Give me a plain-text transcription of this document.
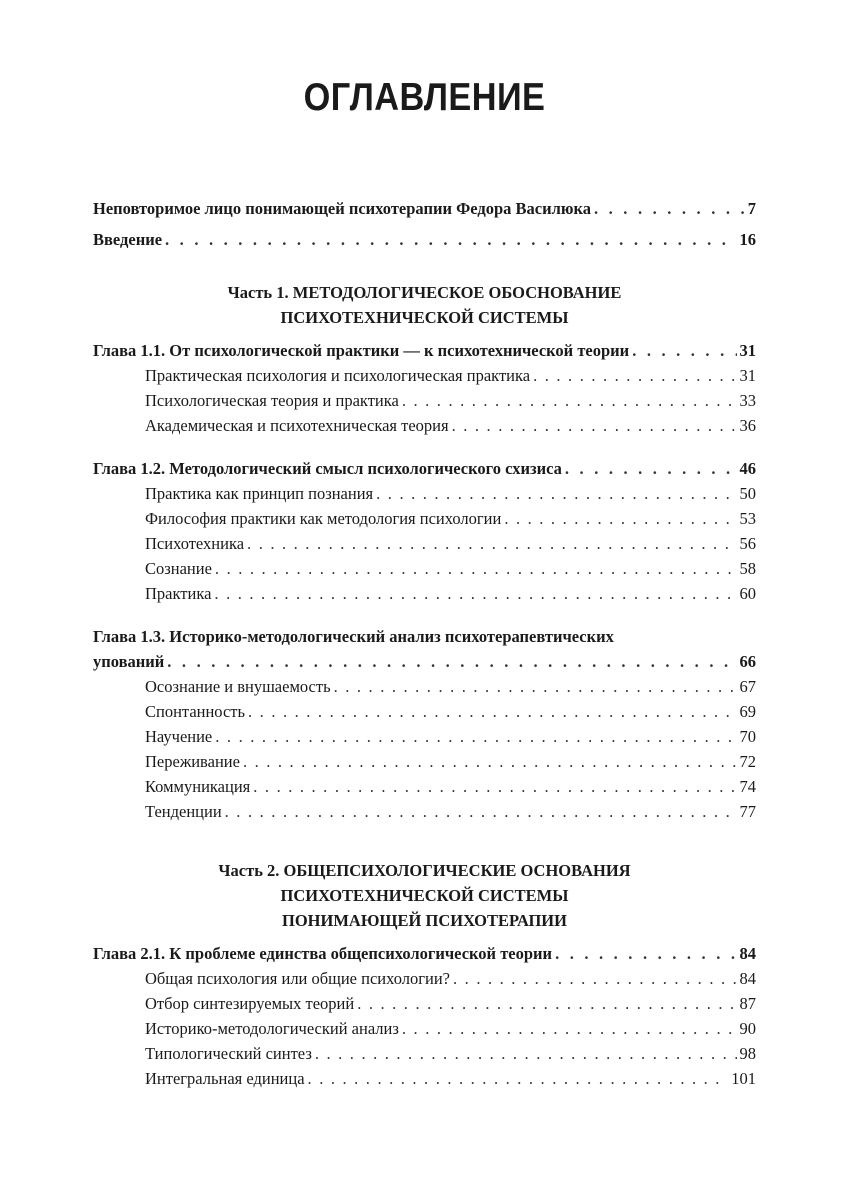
ОГЛАВЛЕНИЕ
Неповторимое лицо понимающей психотерапии Федора Василюка . . .	7
Введение . . .	16
Часть 1. МЕТОДОЛОГИЧЕСКОЕ ОБОСНОВАНИЕ
ПСИХОТЕХНИЧЕСКОЙ СИСТЕМЫ
Глава 1.1. От психологической практики — к психотехнической теории . . .	31
Практическая психология и психологическая практика . . .	31
Психологическая теория и практика . . .	33
Академическая и психотехническая теория . . .	36
Глава 1.2. Методологический смысл психологического схизиса . . .	46
Практика как принцип познания . . .	50
Философия практики как методология психологии . . .	53
Психотехника . . .	56
Сознание . . .	58
Практика . . .	60
Глава 1.3. Историко-методологический анализ психотерапевтических
упований . . .	66
Осознание и внушаемость . . .	67
Спонтанность . . .	69
Научение . . .	70
Переживание . . .	72
Коммуникация . . .	74
Тенденции . . .	77
Часть 2. ОБЩЕПСИХОЛОГИЧЕСКИЕ ОСНОВАНИЯ
ПСИХОТЕХНИЧЕСКОЙ СИСТЕМЫ
ПОНИМАЮЩЕЙ ПСИХОТЕРАПИИ
Глава 2.1. К проблеме единства общепсихологической теории . . .	84
Общая психология или общие психологии? . . .	84
Отбор синтезируемых теорий . . .	87
Историко-методологический анализ . . .	90
Типологический синтез . . .	98
Интегральная единица . . .	101
